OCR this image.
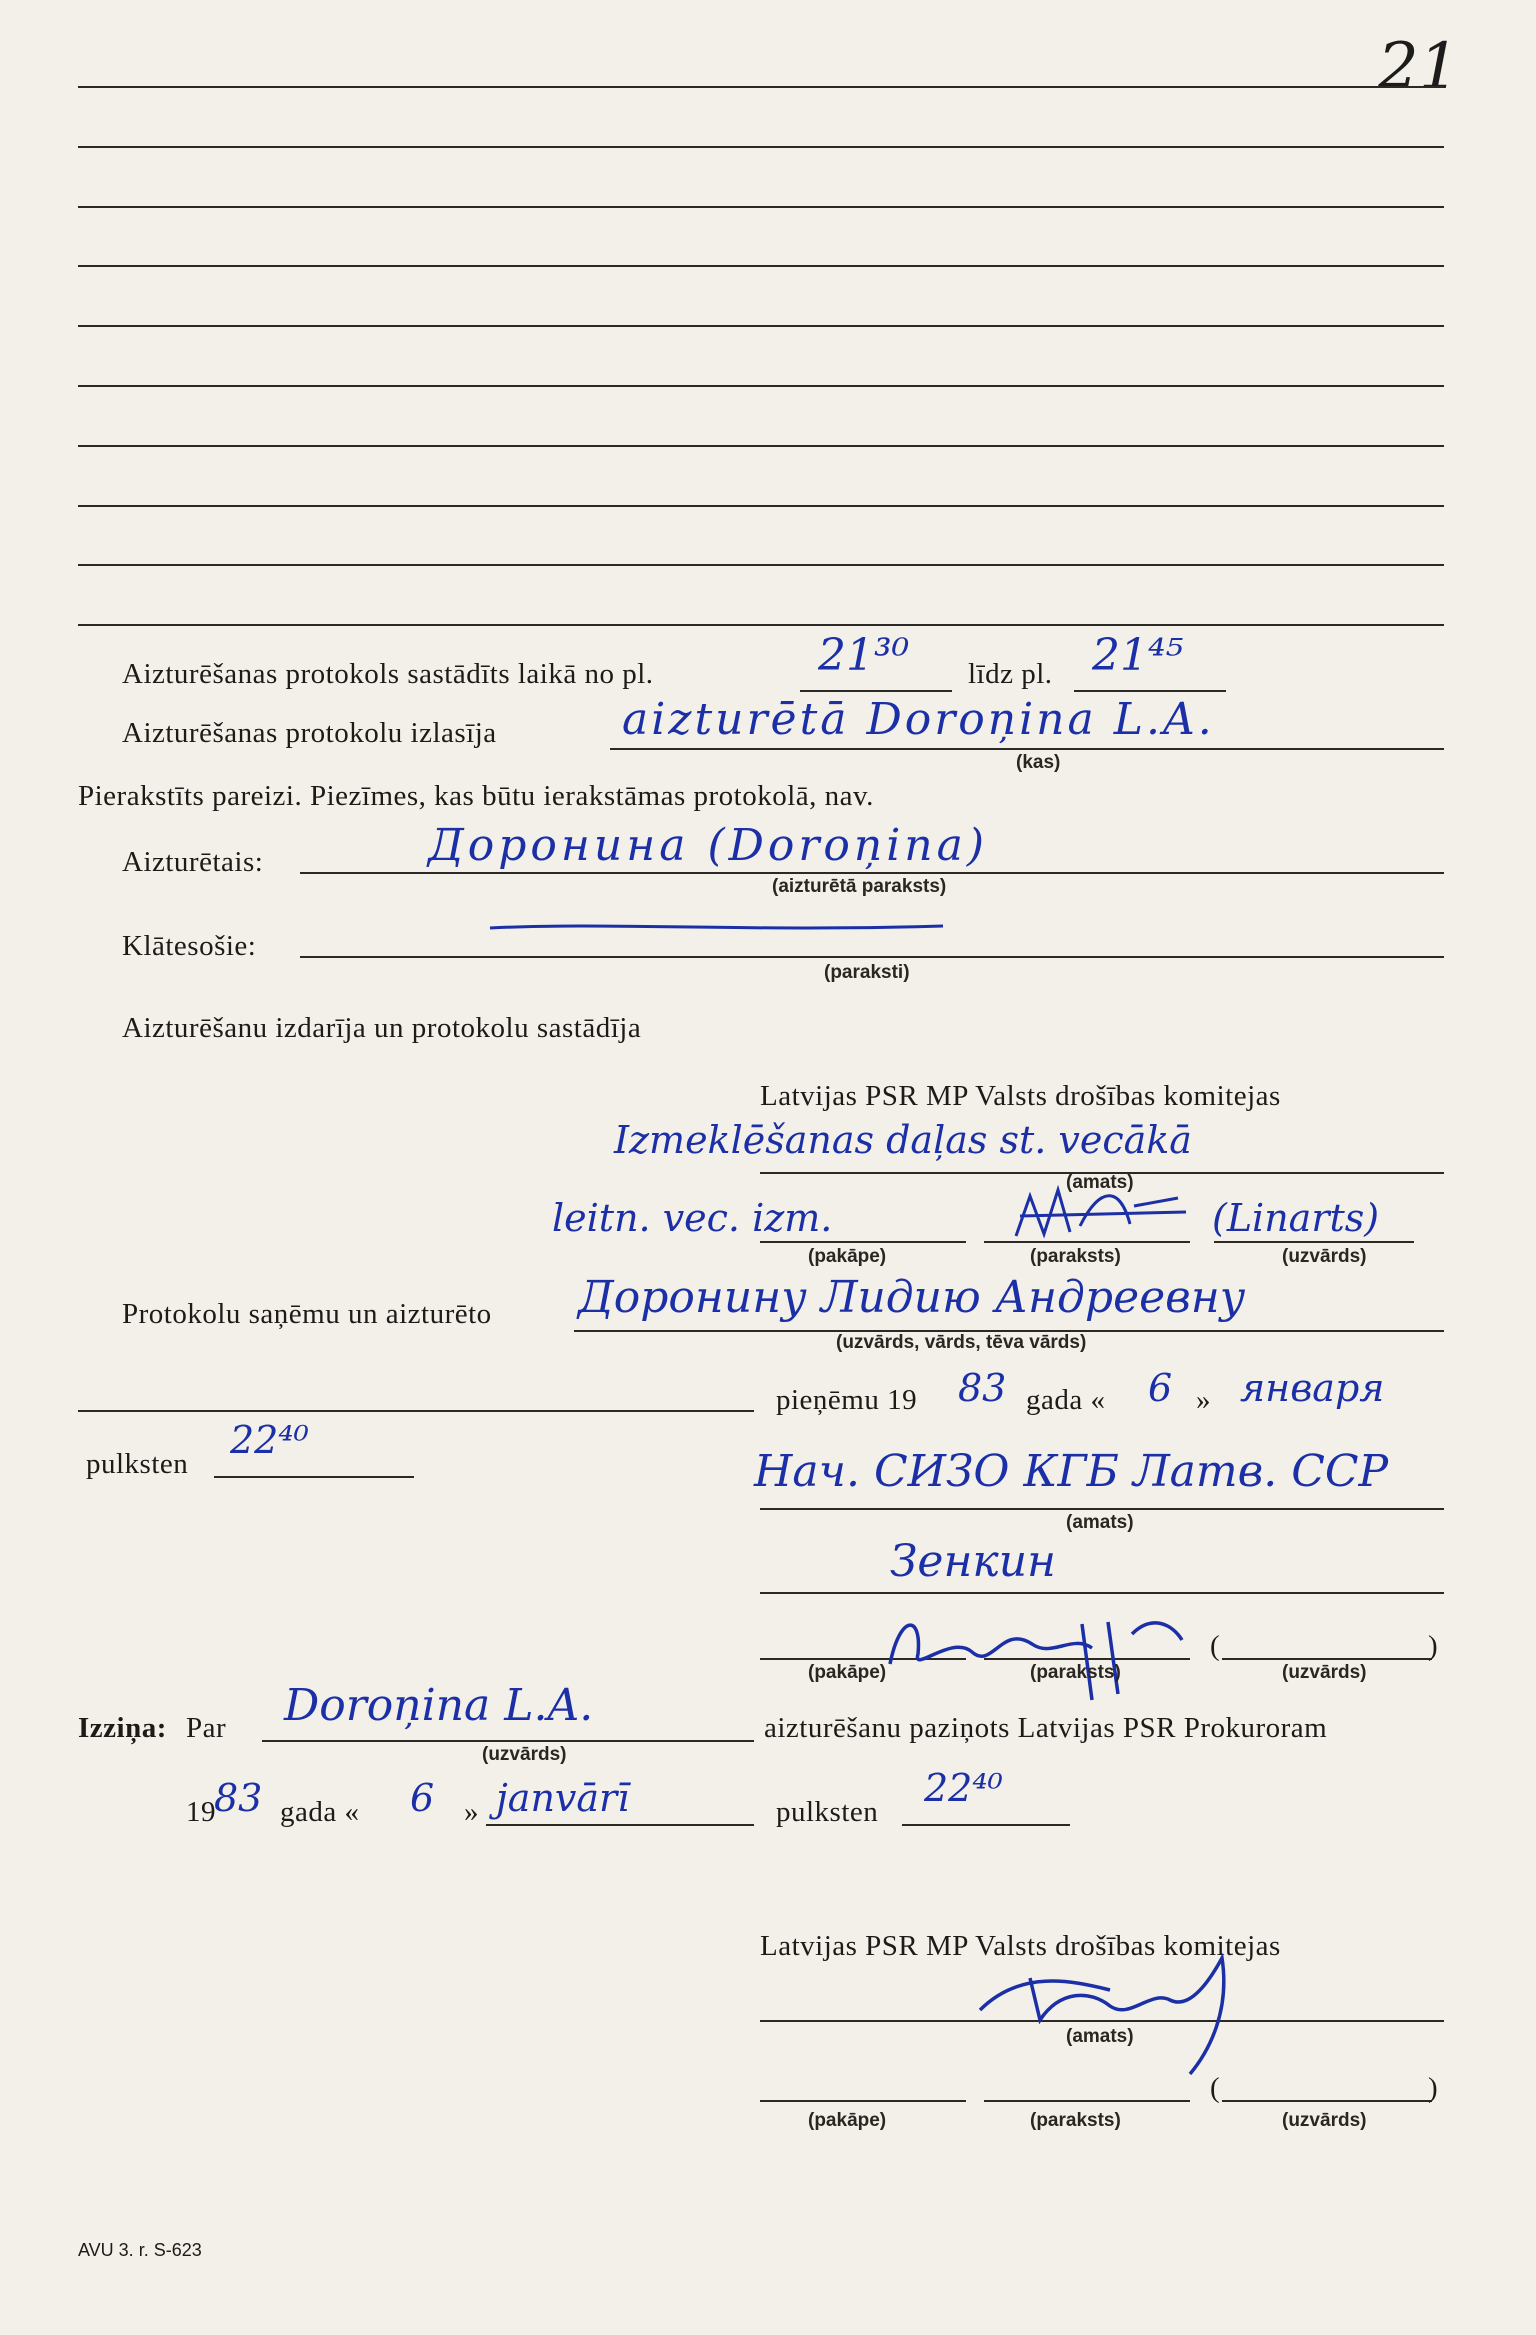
21
Aizturēšanas protokols sastādīts laikā no pl.	21³⁰ līdz pl. 21⁴⁵
Aizturēšanas protokolu izlasīja	aizturētā Doroņina L.A.
(kas)
Pierakstīts pareizi. Piezīmes, kas būtu ierakstāmas protokolā, nav.
Aizturētais:	Доронина (Doroņina)
(aizturētā paraksts)
Klātesošie:
(paraksti)
Aizturēšanu izdarīja un protokolu sastādīja
Latvijas PSR MP Valsts drošības komitejas
Izmeklēšanas daļas st. vecākā
(amats)
leitn. vec. izm.
(pakāpe)	(paraksts)
(Linarts)
(uzvārds)
Protokolu saņēmu un aizturēto Доронину Лидию Андреевну
(uzvārds, vārds, tēva vārds)
pieņēmu 19 83 gada « 6 » января
pulksten
22⁴⁰
Нач. СИЗО КГБ Латв. ССР
(amats)
Зенкин
(pakāpe)	(paraksts)
(	)
(uzvārds)
Izziņa: Par Doroņina L.A.
(uzvārds)
aizturēšanu paziņots Latvijas PSR Prokuroram
19
83 gada « 6 » janvārī	pulksten
22⁴⁰
Latvijas PSR MP Valsts drošības komitejas
(amats)
(pakāpe)	(paraksts)
(	)
(uzvārds)
AVU 3. r. S-623
